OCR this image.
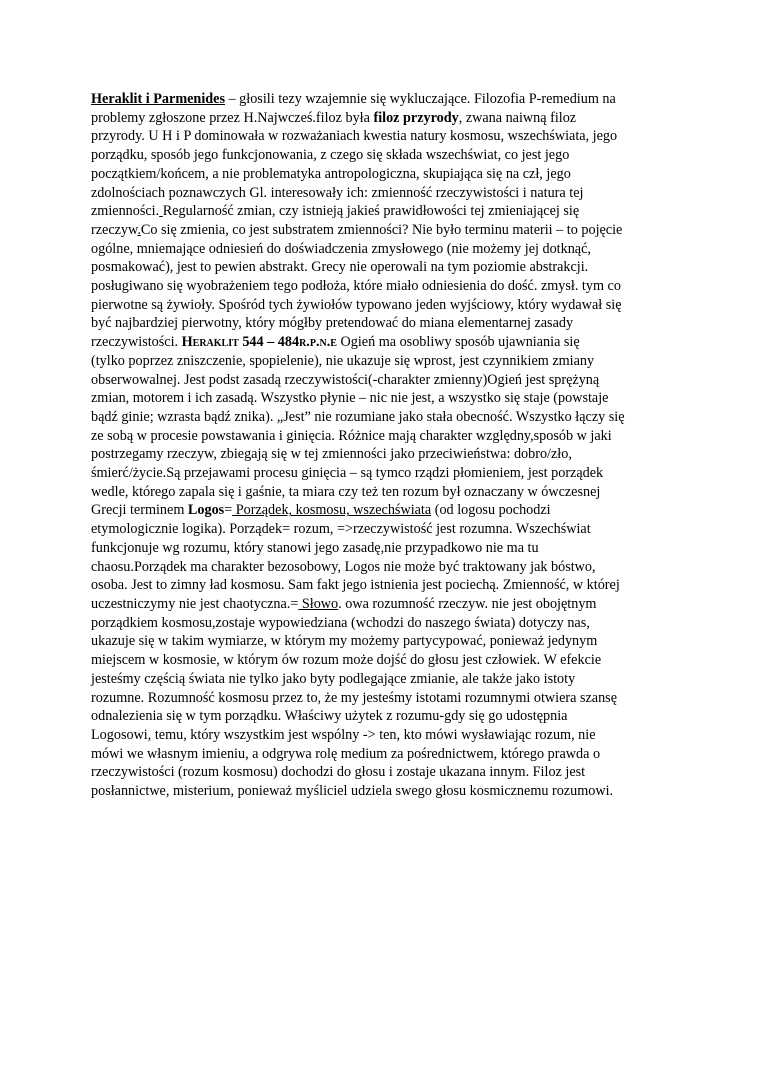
Heraklit i Parmenides – głosili tezy wzajemnie się wykluczające. Filozofia P-remedium na
problemy zgłoszone przez H.Najwcześ.filoz była filoz przyrody, zwana naiwną filoz
przyrody. U H i P dominowała w rozważaniach kwestia natury kosmosu, wszechświata, jego
porządku, sposób jego funkcjonowania, z czego się składa wszechświat, co jest jego
początkiem/końcem, a nie problematyka antropologiczna, skupiająca się na czł, jego
zdolnościach poznawczych Gl. interesowały ich: zmienność rzeczywistości i natura tej
zmienności. Regularność zmian, czy istnieją jakieś prawidłowości tej zmieniającej się
rzeczyw.Co się zmienia, co jest substratem zmienności? Nie było terminu materii – to pojęcie
ogólne, mniemające odniesień do doświadczenia zmysłowego (nie możemy jej dotknąć,
posmakować), jest to pewien abstrakt. Grecy nie operowali na tym poziomie abstrakcji.
posługiwano się wyobrażeniem tego podłoża, które miało odniesienia do dość. zmysł. tym co
pierwotne są żywioły. Spośród tych żywiołów typowano jeden wyjściowy, który wydawał się
być najbardziej pierwotny, który mógłby pretendować do miana elementarnej zasady
rzeczywistości. Heraklit 544 – 484r.p.n.e Ogień ma osobliwy sposób ujawniania się
(tylko poprzez zniszczenie, spopielenie), nie ukazuje się wprost, jest czynnikiem zmiany
obserwowalnej. Jest podst zasadą rzeczywistości(-charakter zmienny)Ogień jest sprężyną
zmian, motorem i ich zasadą. Wszystko płynie – nic nie jest, a wszystko się staje (powstaje
bądź ginie; wzrasta bądź znika). „Jest” nie rozumiane jako stała obecność. Wszystko łączy się
ze sobą w procesie powstawania i ginięcia. Różnice mają charakter względny,sposób w jaki
postrzegamy rzeczyw, zbiegają się w tej zmienności jako przeciwieństwa: dobro/zło,
śmierć/życie.Są przejawami procesu ginięcia – są tymco rządzi płomieniem, jest porządek
wedle, którego zapala się i gaśnie, ta miara czy też ten rozum był oznaczany w ówczesnej
Grecji terminem Logos= Porządek, kosmosu, wszechświata (od logosu pochodzi
etymologicznie logika). Porządek= rozum, =>rzeczywistość jest rozumna. Wszechświat
funkcjonuje wg rozumu, który stanowi jego zasadę,nie przypadkowo nie ma tu
chaosu.Porządek ma charakter bezosobowy, Logos nie może być traktowany jak bóstwo,
osoba. Jest to zimny ład kosmosu. Sam fakt jego istnienia jest pociechą. Zmienność, w której
uczestniczymy nie jest chaotyczna.= Słowo. owa rozumność rzeczyw. nie jest obojętnym
porządkiem kosmosu,zostaje wypowiedziana (wchodzi do naszego świata) dotyczy nas,
ukazuje się w takim wymiarze, w którym my możemy partycypować, ponieważ jedynym
miejscem w kosmosie, w którym ów rozum może dojść do głosu jest człowiek. W efekcie
jesteśmy częścią świata nie tylko jako byty podlegające zmianie, ale także jako istoty
rozumne. Rozumność kosmosu przez to, że my jesteśmy istotami rozumnymi otwiera szansę
odnalezienia się w tym porządku. Właściwy użytek z rozumu-gdy się go udostępnia
Logosowi, temu, który wszystkim jest wspólny -> ten, kto mówi wysławiając rozum, nie
mówi we własnym imieniu, a odgrywa rolę medium za pośrednictwem, którego prawda o
rzeczywistości (rozum kosmosu) dochodzi do głosu i zostaje ukazana innym. Filoz jest
posłannictwe, misterium, ponieważ myśliciel udziela swego głosu kosmicznemu rozumowi.
